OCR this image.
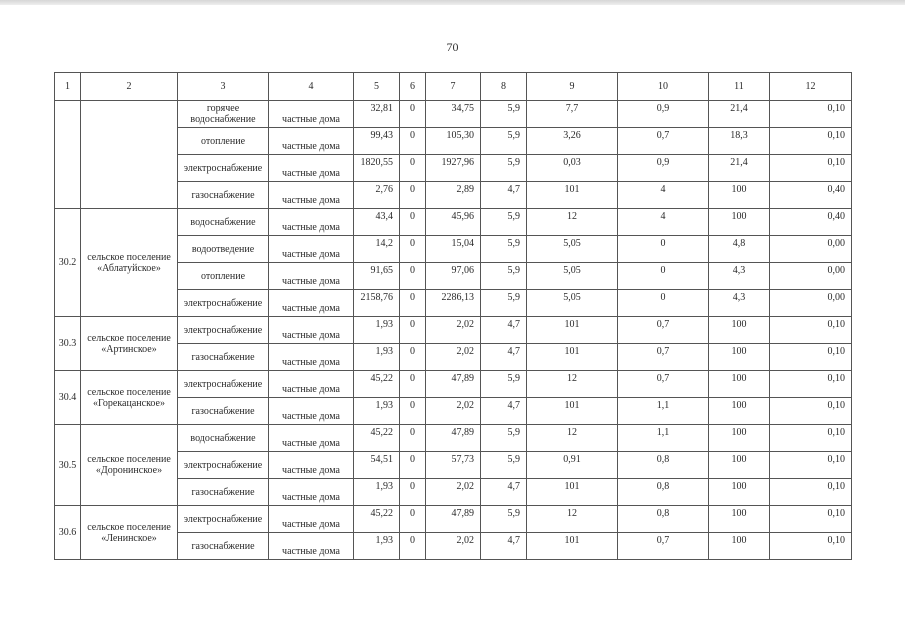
70
1	2	3	4	5	6	7	8	9	10	11	12
		горячее водоснабжение	частные дома	32,81	0	34,75	5,9	7,7	0,9	21,4	0,10
		отопление	частные дома	99,43	0	105,30	5,9	3,26	0,7	18,3	0,10
		электроснабжение	частные дома	1820,55	0	1927,96	5,9	0,03	0,9	21,4	0,10
		газоснабжение	частные дома	2,76	0	2,89	4,7	101	4	100	0,40
30.2	сельское поселение «Аблатуйское»	водоснабжение	частные дома	43,4	0	45,96	5,9	12	4	100	0,40
		водоотведение	частные дома	14,2	0	15,04	5,9	5,05	0	4,8	0,00
		отопление	частные дома	91,65	0	97,06	5,9	5,05	0	4,3	0,00
		электроснабжение	частные дома	2158,76	0	2286,13	5,9	5,05	0	4,3	0,00
30.3	сельское поселение «Артинское»	электроснабжение	частные дома	1,93	0	2,02	4,7	101	0,7	100	0,10
		газоснабжение	частные дома	1,93	0	2,02	4,7	101	0,7	100	0,10
30.4	сельское поселение «Горекацанское»	электроснабжение	частные дома	45,22	0	47,89	5,9	12	0,7	100	0,10
		газоснабжение	частные дома	1,93	0	2,02	4,7	101	1,1	100	0,10
30.5	сельское поселение «Доронинское»	водоснабжение	частные дома	45,22	0	47,89	5,9	12	1,1	100	0,10
		электроснабжение	частные дома	54,51	0	57,73	5,9	0,91	0,8	100	0,10
		газоснабжение	частные дома	1,93	0	2,02	4,7	101	0,8	100	0,10
30.6	сельское поселение «Ленинское»	электроснабжение	частные дома	45,22	0	47,89	5,9	12	0,8	100	0,10
		газоснабжение	частные дома	1,93	0	2,02	4,7	101	0,7	100	0,10
